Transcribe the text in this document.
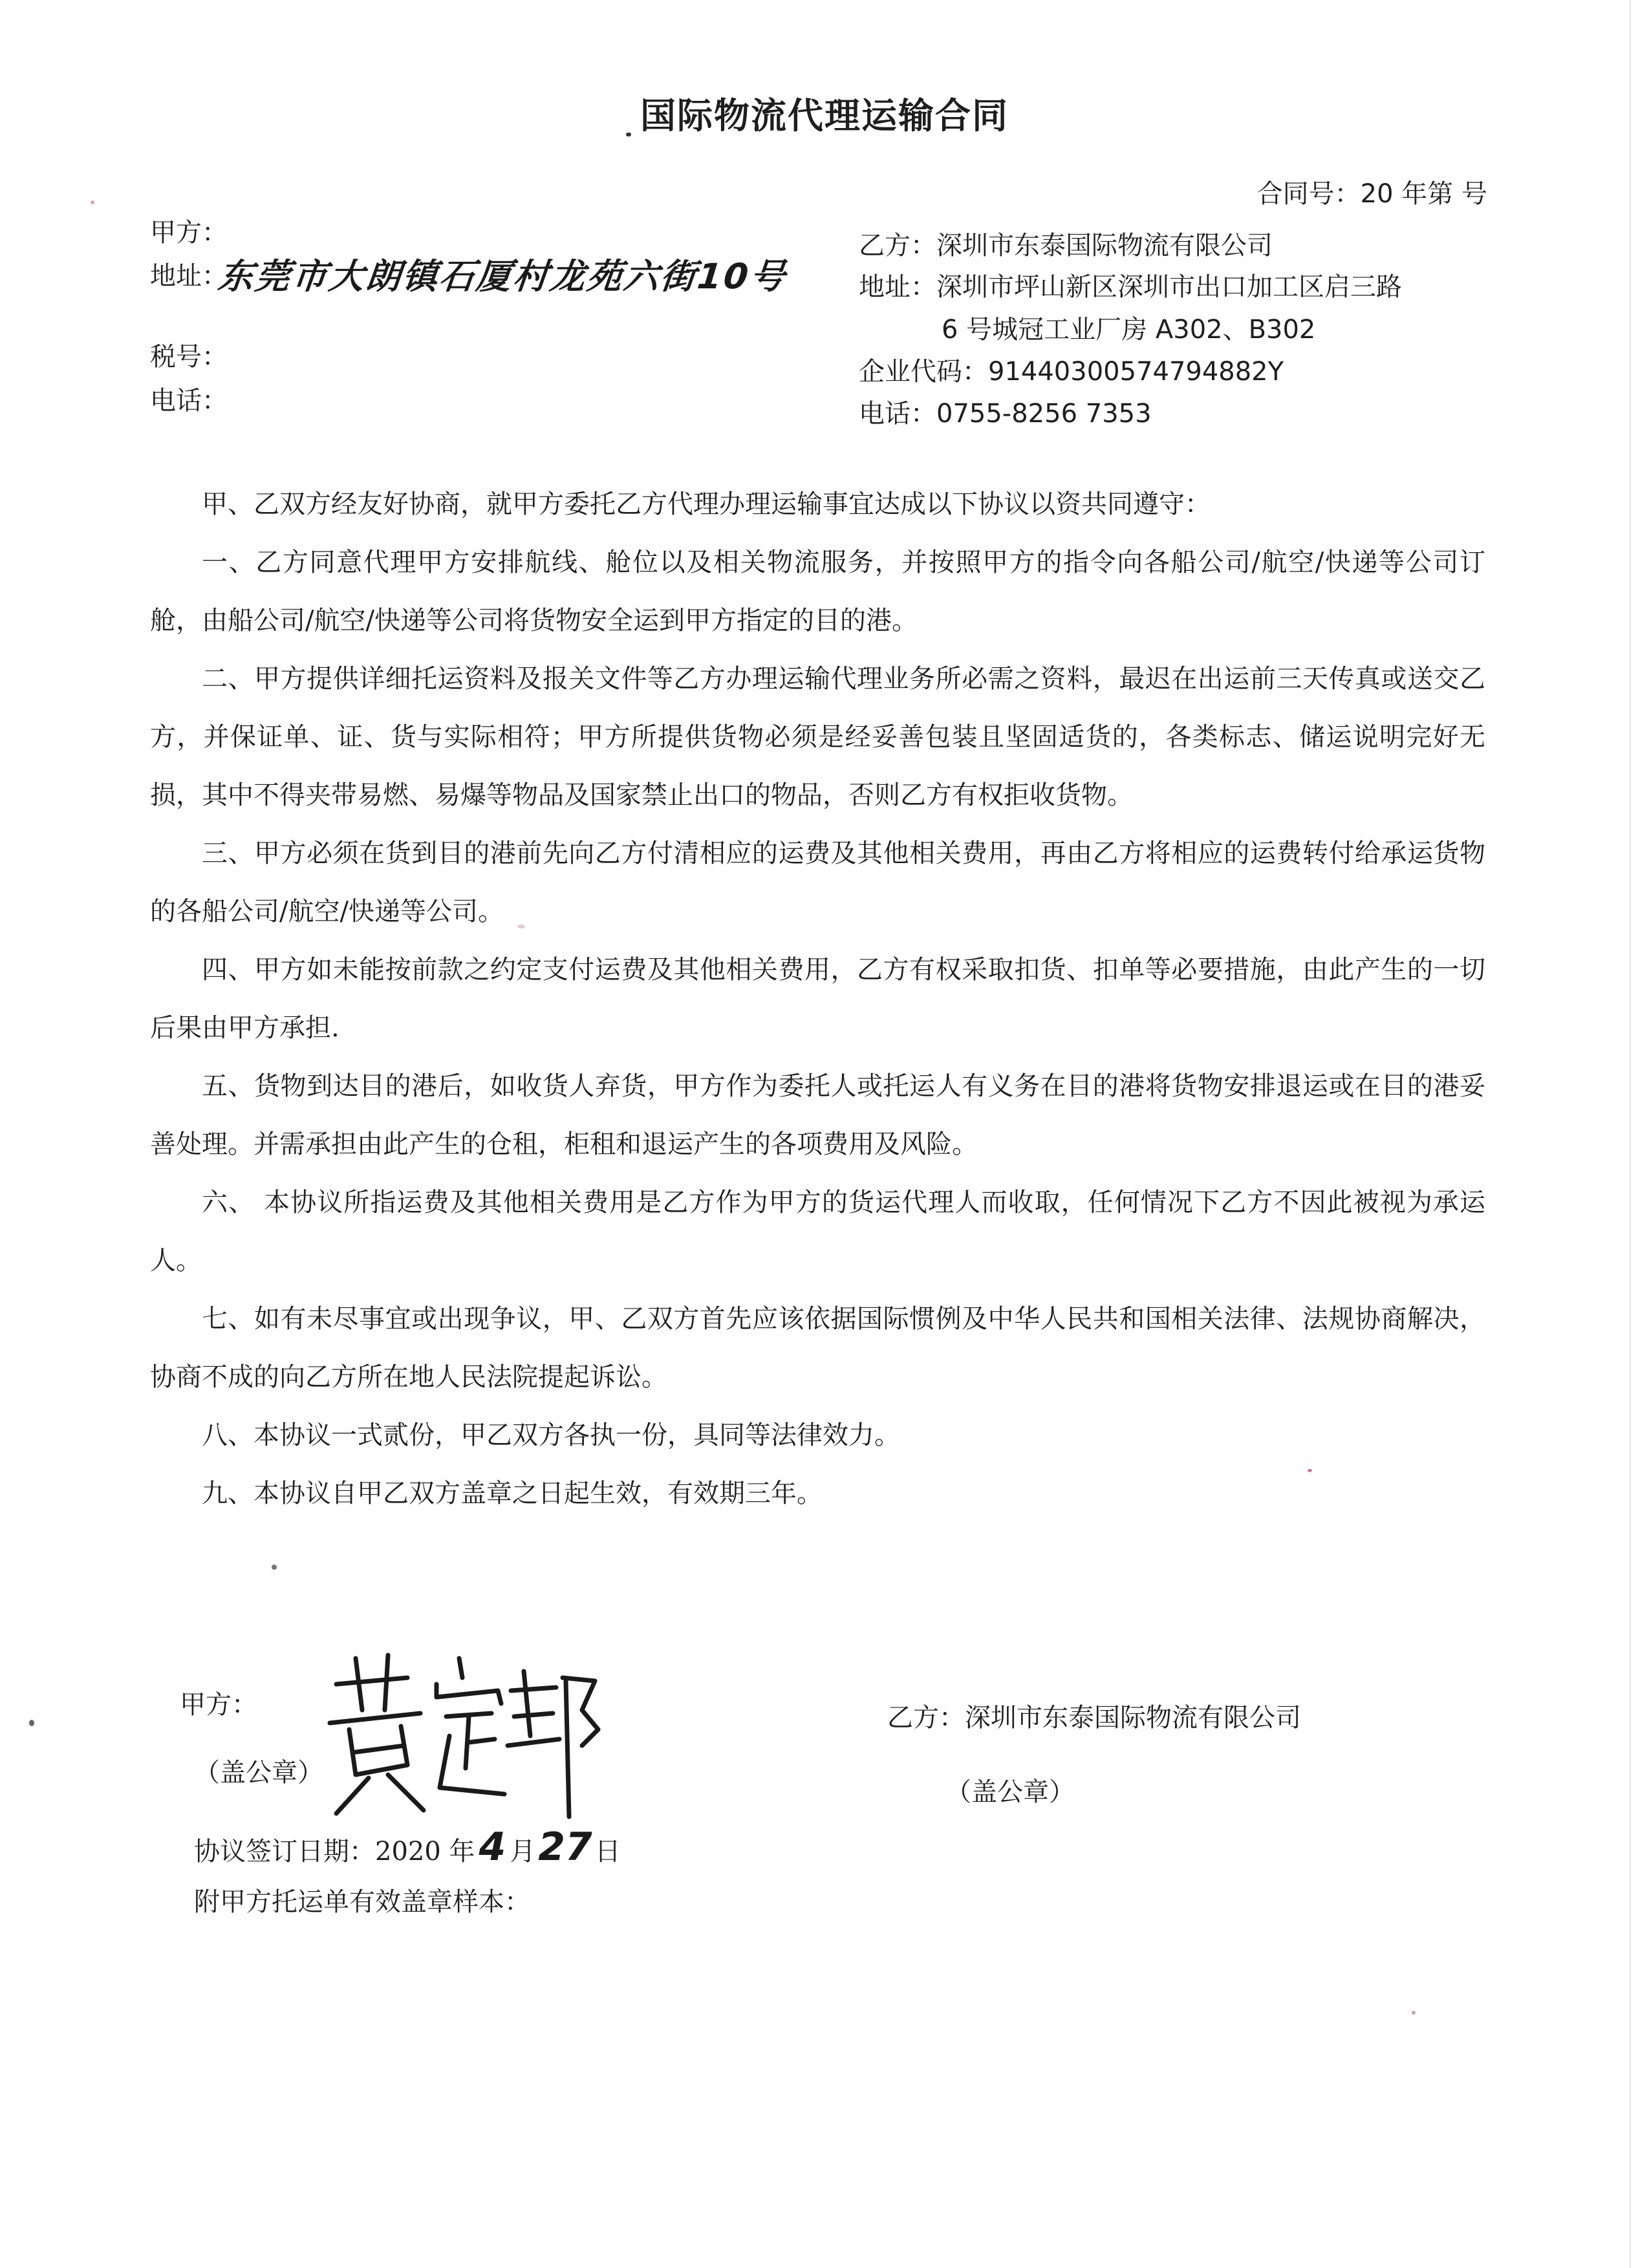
国际物流代理运输合同
合同号：20 年第 号
甲方：
地址：
东莞市大朗镇石厦村龙苑六街10号
税号：
电话：
乙方：深圳市东泰国际物流有限公司
地址：深圳市坪山新区深圳市出口加工区启三路
6 号城冠工业厂房 A302、B302
企业代码：91440300574794882Y
电话：0755-8256 7353

甲、乙双方经友好协商，就甲方委托乙方代理办理运输事宜达成以下协议以资共同遵守：

一、乙方同意代理甲方安排航线、舱位以及相关物流服务，并按照甲方的指令向各船公司/航空/快递等公司订舱，由船公司/航空/快递等公司将货物安全运到甲方指定的目的港。

二、甲方提供详细托运资料及报关文件等乙方办理运输代理业务所必需之资料，最迟在出运前三天传真或送交乙方，并保证单、证、货与实际相符；甲方所提供货物必须是经妥善包装且坚固适货的，各类标志、储运说明完好无损，其中不得夹带易燃、易爆等物品及国家禁止出口的物品，否则乙方有权拒收货物。

三、甲方必须在货到目的港前先向乙方付清相应的运费及其他相关费用，再由乙方将相应的运费转付给承运货物的各船公司/航空/快递等公司。

四、甲方如未能按前款之约定支付运费及其他相关费用，乙方有权采取扣货、扣单等必要措施，由此产生的一切后果由甲方承担.

五、货物到达目的港后，如收货人弃货，甲方作为委托人或托运人有义务在目的港将货物安排退运或在目的港妥善处理。并需承担由此产生的仓租，柜租和退运产生的各项费用及风险。

六、 本协议所指运费及其他相关费用是乙方作为甲方的货运代理人而收取，任何情况下乙方不因此被视为承运人。

七、如有未尽事宜或出现争议，甲、乙双方首先应该依据国际惯例及中华人民共和国相关法律、法规协商解决，协商不成的向乙方所在地人民法院提起诉讼。

八、本协议一式贰份，甲乙双方各执一份，具同等法律效力。

九、本协议自甲乙双方盖章之日起生效，有效期三年。

甲方：
（盖公章）
乙方：深圳市东泰国际物流有限公司
（盖公章）
协议签订日期：2020 年 4 月27 日
附甲方托运单有效盖章样本：
